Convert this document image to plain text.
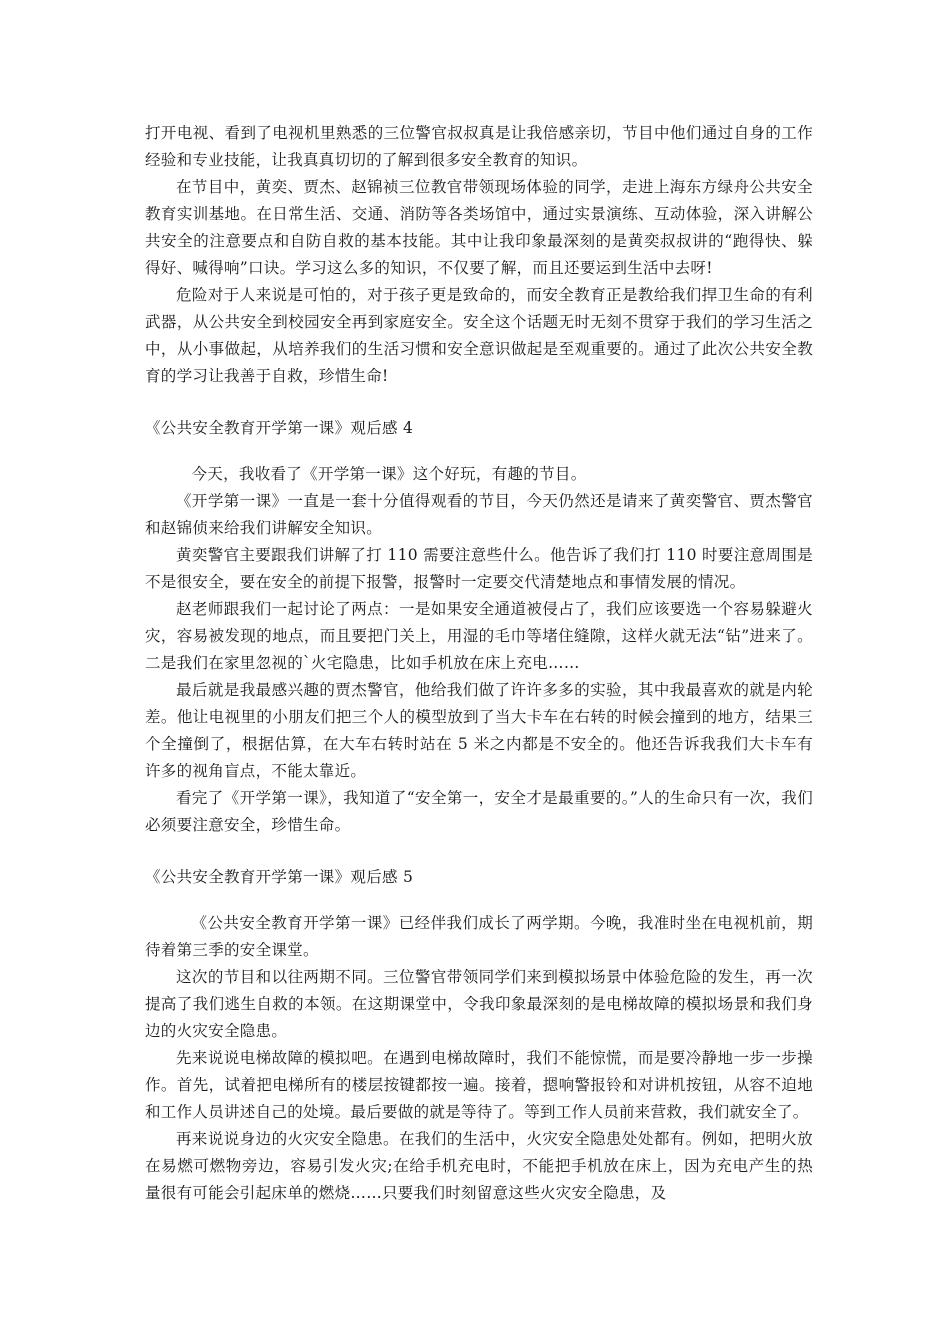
打开电视、看到了电视机里熟悉的三位警官叔叔真是让我倍感亲切，节目中他们通过自身的工作经验和专业技能，让我真真切切的了解到很多安全教育的知识。

在节目中，黄奕、贾杰、赵锦祯三位教官带领现场体验的同学，走进上海东方绿舟公共安全教育实训基地。在日常生活、交通、消防等各类场馆中，通过实景演练、互动体验，深入讲解公共安全的注意要点和自防自救的基本技能。其中让我印象最深刻的是黄奕叔叔讲的“跑得快、躲得好、喊得响”口诀。学习这么多的知识，不仅要了解，而且还要运到生活中去呀!

危险对于人来说是可怕的，对于孩子更是致命的，而安全教育正是教给我们捍卫生命的有利武器，从公共安全到校园安全再到家庭安全。安全这个话题无时无刻不贯穿于我们的学习生活之中，从小事做起，从培养我们的生活习惯和安全意识做起是至观重要的。通过了此次公共安全教育的学习让我善于自救，珍惜生命!

《公共安全教育开学第一课》观后感 4

今天，我收看了《开学第一课》这个好玩，有趣的节目。

《开学第一课》一直是一套十分值得观看的节目，今天仍然还是请来了黄奕警官、贾杰警官和赵锦侦来给我们讲解安全知识。

黄奕警官主要跟我们讲解了打 110 需要注意些什么。他告诉了我们打 110 时要注意周围是不是很安全，要在安全的前提下报警，报警时一定要交代清楚地点和事情发展的情况。

赵老师跟我们一起讨论了两点：一是如果安全通道被侵占了，我们应该要选一个容易躲避火灾，容易被发现的地点，而且要把门关上，用湿的毛巾等堵住缝隙，这样火就无法“钻”进来了。二是我们在家里忽视的`火宅隐患，比如手机放在床上充电……

最后就是我最感兴趣的贾杰警官，他给我们做了许许多多的实验，其中我最喜欢的就是内轮差。他让电视里的小朋友们把三个人的模型放到了当大卡车在右转的时候会撞到的地方，结果三个全撞倒了，根据估算，在大车右转时站在 5 米之内都是不安全的。他还告诉我我们大卡车有许多的视角盲点，不能太靠近。

看完了《开学第一课》，我知道了“安全第一，安全才是最重要的。”人的生命只有一次，我们必须要注意安全，珍惜生命。

《公共安全教育开学第一课》观后感 5

《公共安全教育开学第一课》已经伴我们成长了两学期。今晚，我准时坐在电视机前，期待着第三季的安全课堂。

这次的节目和以往两期不同。三位警官带领同学们来到模拟场景中体验危险的发生，再一次提高了我们逃生自救的本领。在这期课堂中，令我印象最深刻的是电梯故障的模拟场景和我们身边的火灾安全隐患。

先来说说电梯故障的模拟吧。在遇到电梯故障时，我们不能惊慌，而是要冷静地一步一步操作。首先，试着把电梯所有的楼层按键都按一遍。接着，摁响警报铃和对讲机按钮，从容不迫地和工作人员讲述自己的处境。最后要做的就是等待了。等到工作人员前来营救，我们就安全了。

再来说说身边的火灾安全隐患。在我们的生活中，火灾安全隐患处处都有。例如，把明火放在易燃可燃物旁边，容易引发火灾;在给手机充电时，不能把手机放在床上，因为充电产生的热量很有可能会引起床单的燃烧……只要我们时刻留意这些火灾安全隐患，及
